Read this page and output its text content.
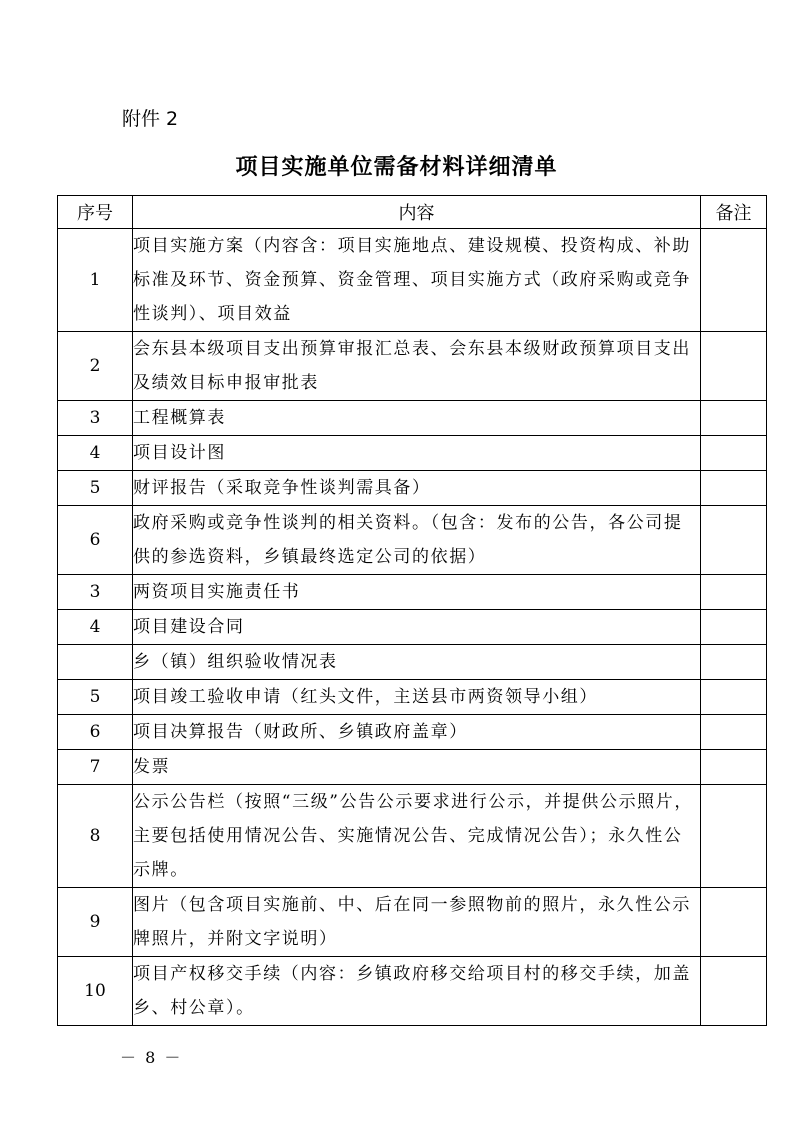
附件 2
项目实施单位需备材料详细清单
序号	内容	备注
1	项目实施方案（内容含：项目实施地点、建设规模、投资构成、补助标准及环节、资金预算、资金管理、项目实施方式（政府采购或竞争性谈判）、项目效益	
2	会东县本级项目支出预算审报汇总表、会东县本级财政预算项目支出及绩效目标申报审批表	
3	工程概算表	
4	项目设计图	
5	财评报告（采取竞争性谈判需具备）	
6	政府采购或竞争性谈判的相关资料。（包含：发布的公告，各公司提供的参选资料，乡镇最终选定公司的依据）	
3	两资项目实施责任书	
4	项目建设合同	
	乡（镇）组织验收情况表	
5	项目竣工验收申请（红头文件，主送县市两资领导小组）	
6	项目决算报告（财政所、乡镇政府盖章）	
7	发票	
8	公示公告栏（按照“三级”公告公示要求进行公示，并提供公示照片，主要包括使用情况公告、实施情况公告、完成情况公告）；永久性公示牌。	
9	图片（包含项目实施前、中、后在同一参照物前的照片，永久性公示牌照片，并附文字说明）	
10	项目产权移交手续（内容：乡镇政府移交给项目村的移交手续，加盖乡、村公章）。	
－ 8 －
